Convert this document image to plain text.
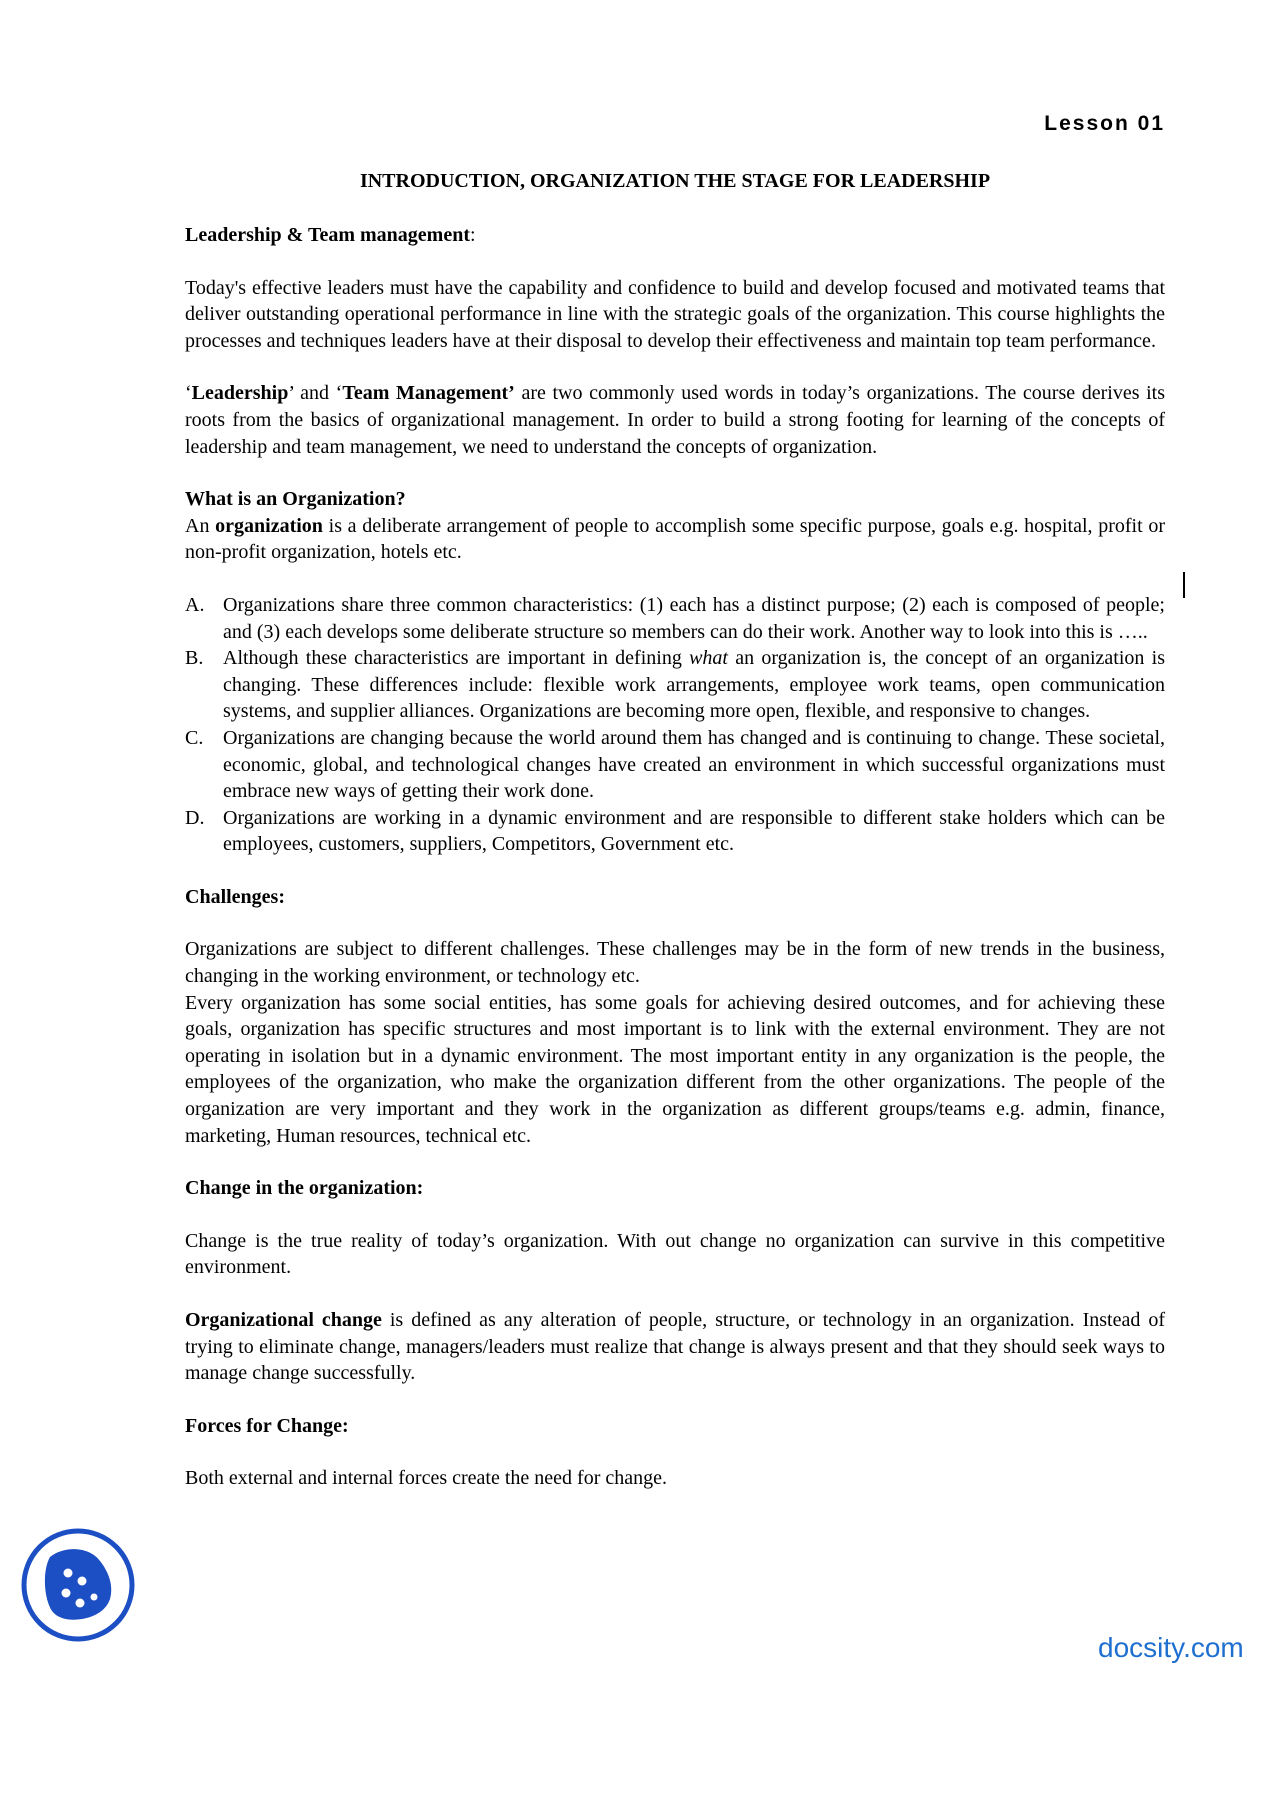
Lesson 01
INTRODUCTION, ORGANIZATION THE STAGE FOR LEADERSHIP
Leadership & Team management:

Today's effective leaders must have the capability and confidence to build and develop focused and motivated teams that deliver outstanding operational performance in line with the strategic goals of the organization. This course highlights the processes and techniques leaders have at their disposal to develop their effectiveness and maintain top team performance.

‘Leadership’ and ‘Team Management’ are two commonly used words in today’s organizations. The course derives its roots from the basics of organizational management. In order to build a strong footing for learning of the concepts of leadership and team management, we need to understand the concepts of organization.

What is an Organization?

An organization is a deliberate arrangement of people to accomplish some specific purpose, goals e.g. hospital, profit or non-profit organization, hotels etc.

A. Organizations share three common characteristics: (1) each has a distinct purpose; (2) each is composed of people; and (3) each develops some deliberate structure so members can do their work. Another way to look into this is …..
B. Although these characteristics are important in defining what an organization is, the concept of an organization is changing. These differences include: flexible work arrangements, employee work teams, open communication systems, and supplier alliances. Organizations are becoming more open, flexible, and responsive to changes.
C. Organizations are changing because the world around them has changed and is continuing to change. These societal, economic, global, and technological changes have created an environment in which successful organizations must embrace new ways of getting their work done.
D. Organizations are working in a dynamic environment and are responsible to different stake holders which can be employees, customers, suppliers, Competitors, Government etc.
Challenges:

Organizations are subject to different challenges. These challenges may be in the form of new trends in the business, changing in the working environment, or technology etc.

Every organization has some social entities, has some goals for achieving desired outcomes, and for achieving these goals, organization has specific structures and most important is to link with the external environment. They are not operating in isolation but in a dynamic environment. The most important entity in any organization is the people, the employees of the organization, who make the organization different from the other organizations. The people of the organization are very important and they work in the organization as different groups/teams e.g. admin, finance, marketing, Human resources, technical etc.

Change in the organization:

Change is the true reality of today’s organization. With out change no organization can survive in this competitive environment.

Organizational change is defined as any alteration of people, structure, or technology in an organization. Instead of trying to eliminate change, managers/leaders must realize that change is always present and that they should seek ways to manage change successfully.

Forces for Change:

Both external and internal forces create the need for change.

docsity.com
